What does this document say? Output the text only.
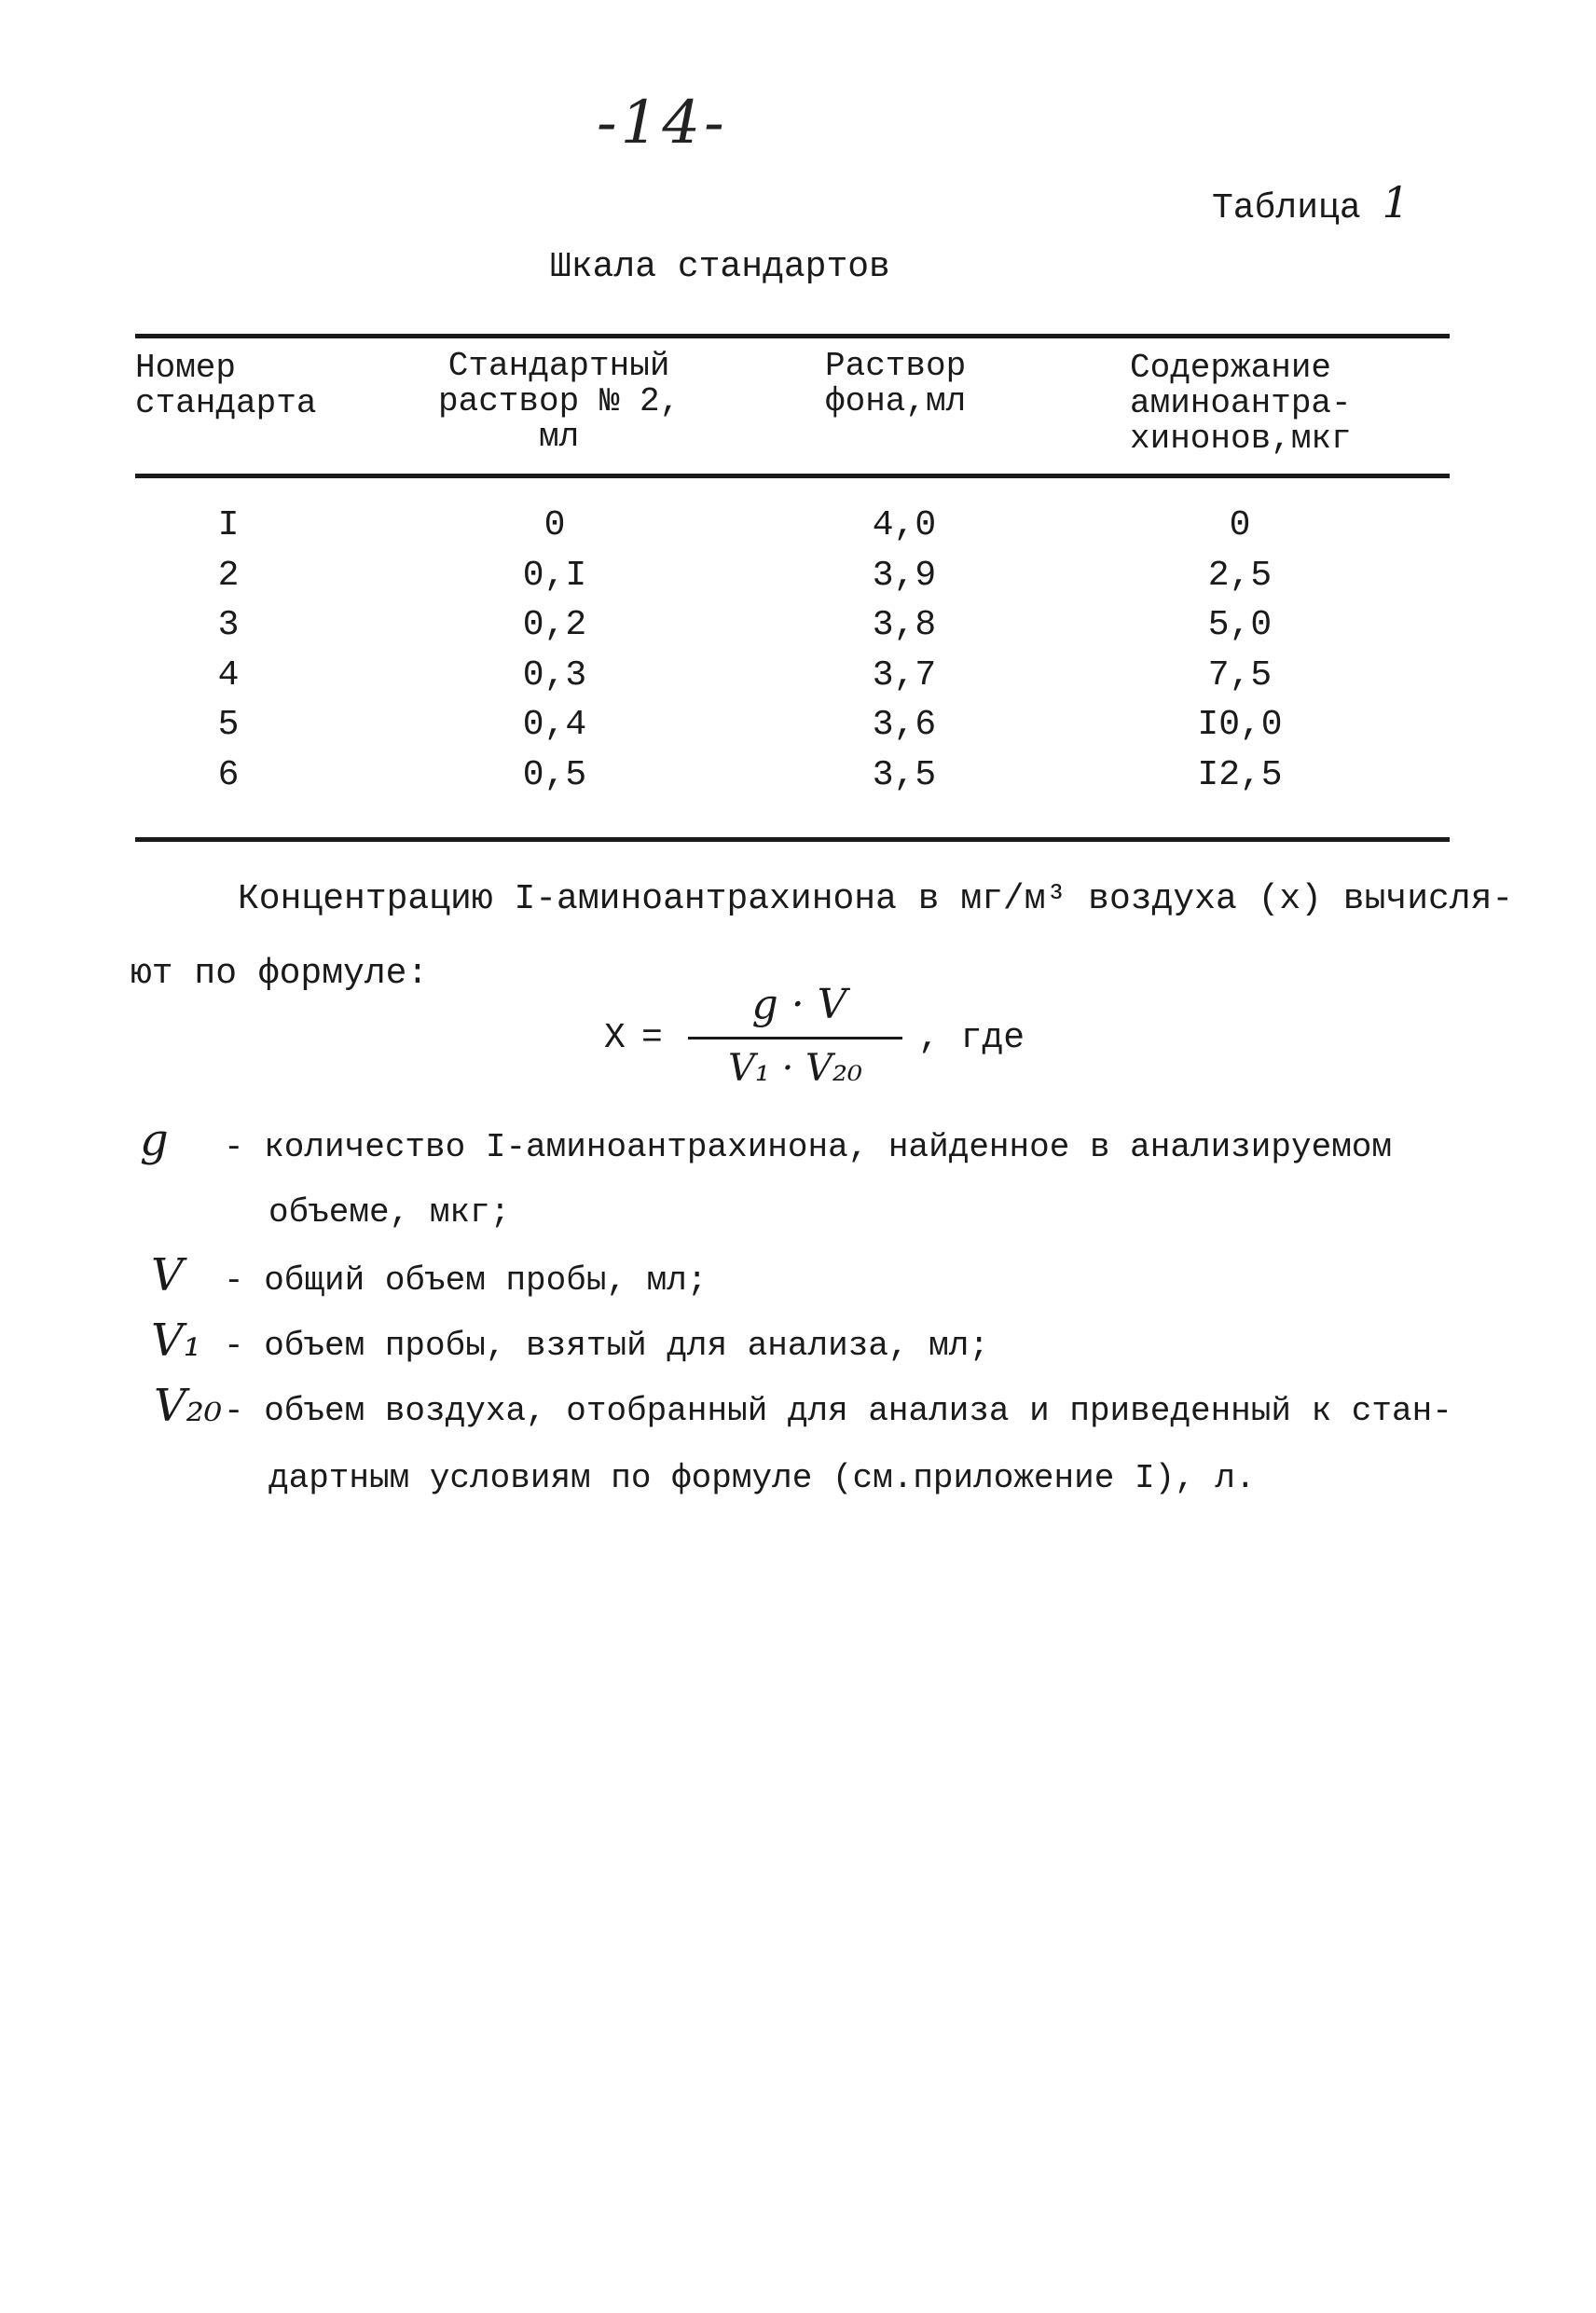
-14-
Таблица 1
Шкала стандартов
Номер
стандарта
Стандартный
раствор № 2,
мл
Раствор
фона,мл
Содержание
аминоантра-
хинонов,мкг
I
2
3
4
5
6
0
0,I
0,2
0,3
0,4
0,5
4,0
3,9
3,8
3,7
3,6
3,5
0
2,5
5,0
7,5
I0,0
I2,5
Концентрацию I-аминоантрахинона в мг/м³ воздуха (x) вычисля-
ют по формуле:
X =
g · V
V₁ · V₂₀
, где
g - количество I-аминоантрахинона, найденное в анализируемом
объеме, мкг;
V - общий объем пробы, мл;
V₁ - объем пробы, взятый для анализа, мл;
V₂₀ - объем воздуха, отобранный для анализа и приведенный к стан-
дартным условиям по формуле (см.приложение I), л.
